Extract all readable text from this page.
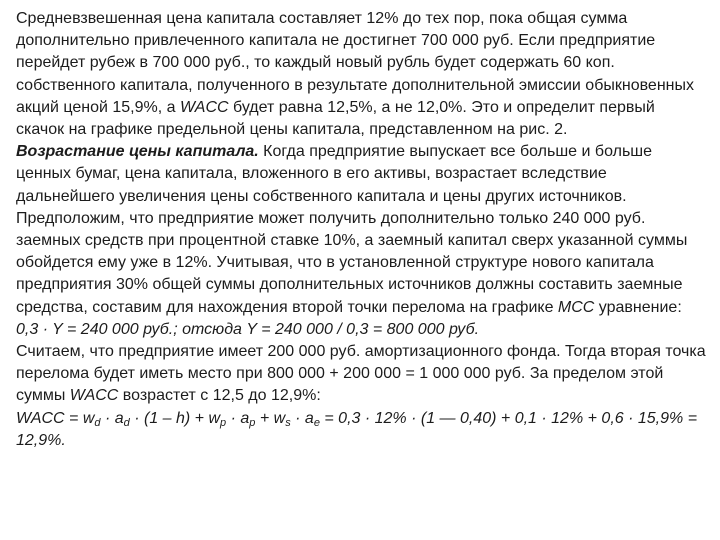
Средневзвешенная цена капитала составляет 12% до тех пор, пока общая сумма дополнительно привлеченного капитала не достигнет 700 000 руб. Если предприятие перейдет рубеж в 700 000 руб., то каждый новый рубль будет содержать 60 коп. собственного капитала, полученного в результате дополнительной эмиссии обыкновенных акций ценой 15,9%, а WACC будет равна 12,5%, а не 12,0%. Это и определит первый скачок на графике предельной цены капитала, представленном на рис. 2.

Возрастание цены капитала. Когда предприятие выпускает все больше и больше ценных бумаг, цена капитала, вложенного в его активы, возрастает вследствие дальнейшего увеличения цены собственного капитала и цены других источников. Предположим, что предприятие может получить дополнительно только 240 000 руб. заемных средств при процентной ставке 10%, а заемный капитал сверх указанной суммы обойдется ему уже в 12%. Учитывая, что в установленной структуре нового капитала предприятия 30% общей суммы дополнительных источников должны составить заемные средства, составим для нахождения второй точки перелома на графике MCC уравнение:

0,3 · Y = 240 000 руб.; отсюда Y = 240 000 / 0,3 = 800 000 руб.

Считаем, что предприятие имеет 200 000 руб. амортизационного фонда. Тогда вторая точка перелома будет иметь место при 800 000 + 200 000 = 1 000 000 руб. За пределом этой суммы WACC возрастет с 12,5 до 12,9%:

WACC = $w_d \cdot a_d \cdot (1 - h) + w_p \cdot a_p + w_s \cdot a_e = 0,3 \cdot 12\% \cdot (1$ — 0,40) + 0,1 · 12% + 0,6 · 15,9% = 12,9%.
